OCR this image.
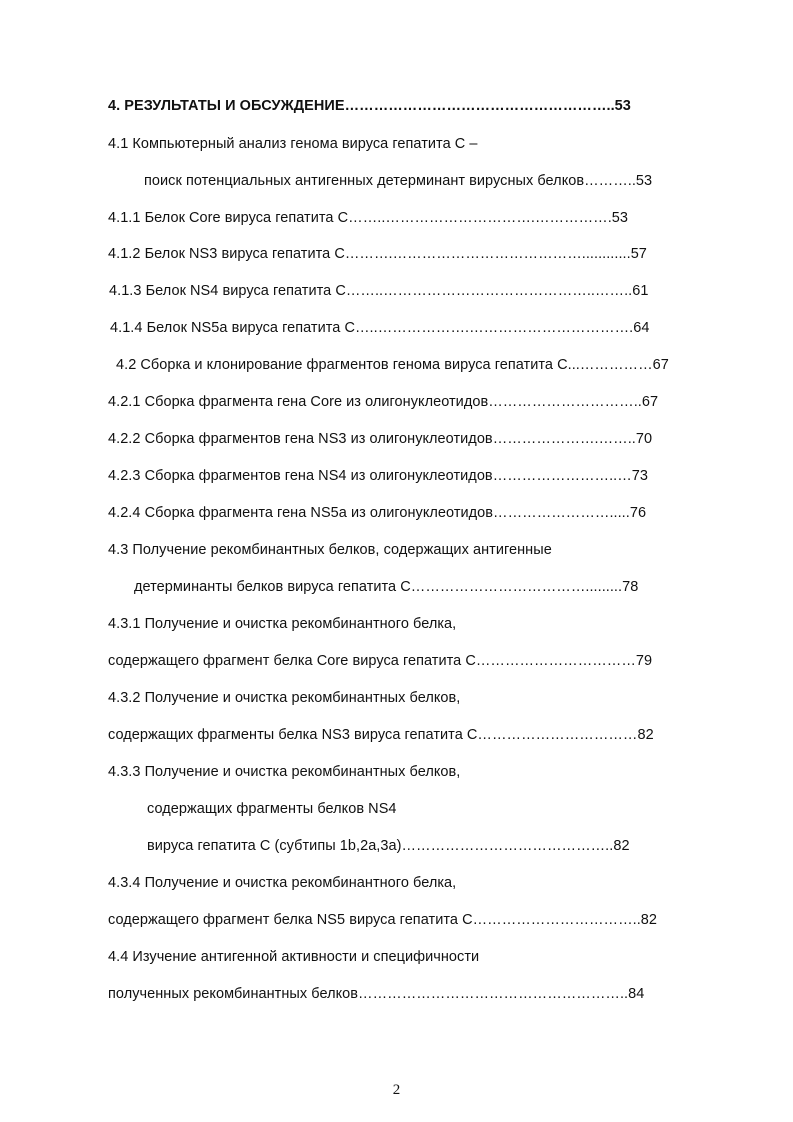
4. РЕЗУЛЬТАТЫ И ОБСУЖДЕНИЕ………………………………………………..53
4.1 Компьютерный анализ генома вируса гепатита С –
поиск потенциальных антигенных детерминант вирусных белков………..53
4.1.1 Белок Core вируса гепатита С……..………………………….…………….53
4.1.2 Белок NS3 вируса гепатита С……….…………………………………............57
4.1.3 Белок NS4 вируса гепатита С……..……………………………………..……..61
4.1.4 Белок NS5a вируса гепатита С…..……………….…………………………….64
4.2 Сборка и клонирование фрагментов генома вируса гепатита С...……………67
4.2.1 Сборка фрагмента гена Core из олигонуклеотидов…………………………..67
4.2.2 Сборка фрагментов гена NS3 из олигонуклеотидов………………….……..70
4.2.3 Сборка фрагментов гена NS4 из олигонуклеотидов……………………..…73
4.2.4 Сборка фрагмента гена NS5a из олигонуклеотидов…………………….....76
4.3 Получение рекомбинантных белков, содержащих антигенные
детерминанты белков вируса гепатита С……………………………….........78
4.3.1 Получение и очистка рекомбинантного белка,
содержащего фрагмент белка Core вируса гепатита С……………………………79
4.3.2 Получение и очистка рекомбинантных белков,
содержащих фрагменты белка NS3 вируса гепатита С……………………………82
4.3.3 Получение и очистка рекомбинантных белков,
содержащих фрагменты белков NS4
вируса гепатита С (субтипы 1b,2a,3a)……………………………………..82
4.3.4 Получение и очистка рекомбинантного белка,
содержащего фрагмент белка NS5 вируса гепатита С……………………………..82
4.4 Изучение антигенной активности и специфичности
полученных рекомбинантных белков………………………………………………..84
2
